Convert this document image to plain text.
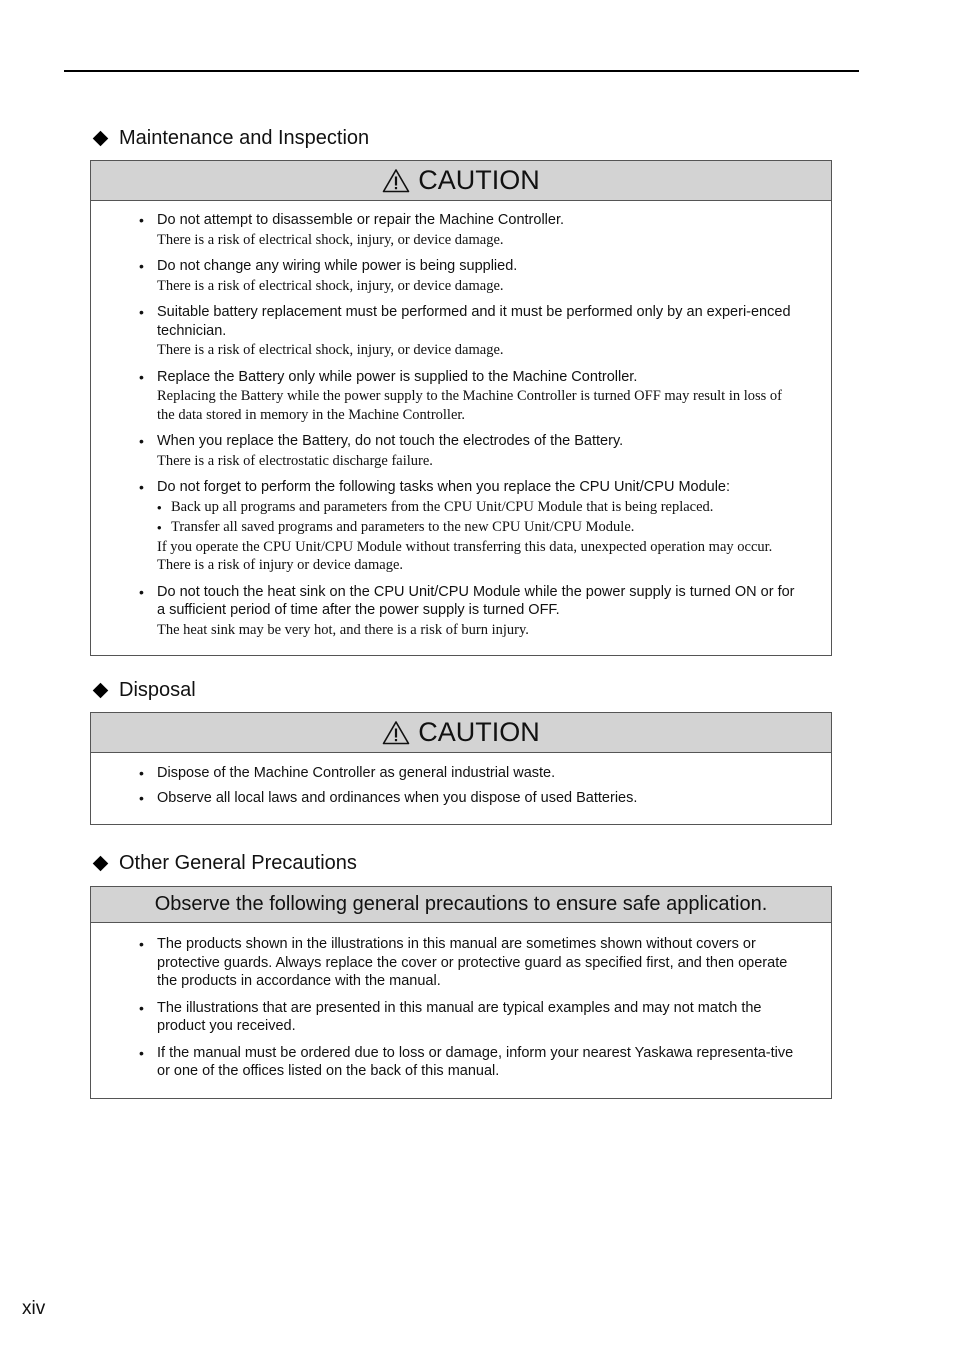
Maintenance and Inspection
CAUTION
• Do not attempt to disassemble or repair the Machine Controller.
There is a risk of electrical shock, injury, or device damage.
• Do not change any wiring while power is being supplied.
There is a risk of electrical shock, injury, or device damage.
• Suitable battery replacement must be performed and it must be performed only by an experi-enced technician.
There is a risk of electrical shock, injury, or device damage.
• Replace the Battery only while power is supplied to the Machine Controller.
Replacing the Battery while the power supply to the Machine Controller is turned OFF may result in loss of the data stored in memory in the Machine Controller.
• When you replace the Battery, do not touch the electrodes of the Battery.
There is a risk of electrostatic discharge failure.
• Do not forget to perform the following tasks when you replace the CPU Unit/CPU Module:
• Back up all programs and parameters from the CPU Unit/CPU Module that is being replaced.
• Transfer all saved programs and parameters to the new CPU Unit/CPU Module.
If you operate the CPU Unit/CPU Module without transferring this data, unexpected operation may occur. There is a risk of injury or device damage.
• Do not touch the heat sink on the CPU Unit/CPU Module while the power supply is turned ON or for a sufficient period of time after the power supply is turned OFF.
The heat sink may be very hot, and there is a risk of burn injury.
Disposal
CAUTION
• Dispose of the Machine Controller as general industrial waste.
• Observe all local laws and ordinances when you dispose of used Batteries.
Other General Precautions
Observe the following general precautions to ensure safe application.
• The products shown in the illustrations in this manual are sometimes shown without covers or protective guards. Always replace the cover or protective guard as specified first, and then operate the products in accordance with the manual.
• The illustrations that are presented in this manual are typical examples and may not match the product you received.
• If the manual must be ordered due to loss or damage, inform your nearest Yaskawa representa-tive or one of the offices listed on the back of this manual.
xiv
